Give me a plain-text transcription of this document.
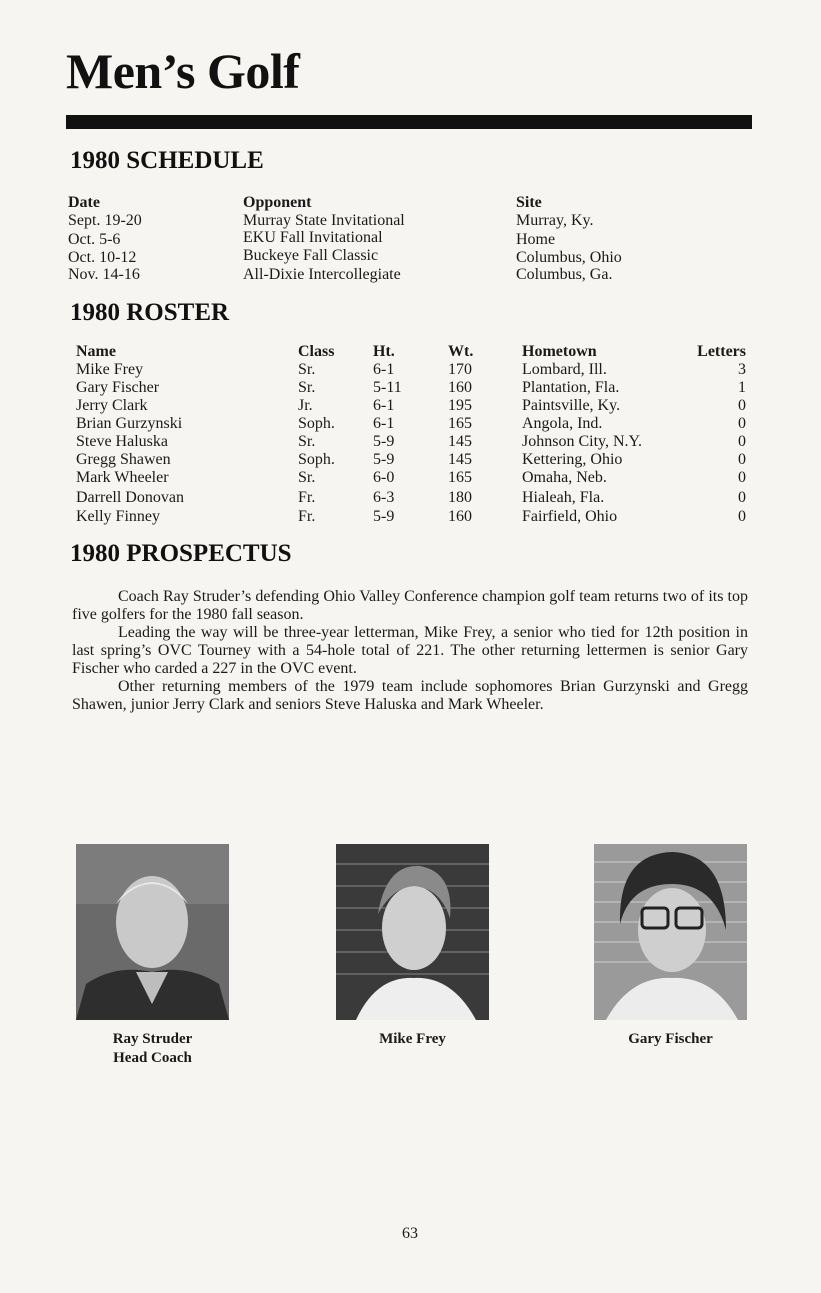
Men’s Golf
1980 SCHEDULE
Date	Opponent	Site
Sept. 19-20	Murray State Invitational	Murray, Ky.
Oct. 5-6	EKU Fall Invitational	Home
Oct. 10-12	Buckeye Fall Classic	Columbus, Ohio
Nov. 14-16	All-Dixie Intercollegiate	Columbus, Ga.
1980 ROSTER
Name	Class Ht.	Wt.	Hometown	Letters
Mike Frey	Sr.	6-1	170	Lombard, Ill.	3
Gary Fischer	Sr.	5-11	160	Plantation, Fla.	1
Jerry Clark	Jr.	6-1	195	Paintsville, Ky.	0
Brian Gurzynski	Soph. 6-1	165	Angola, Ind.	0
Steve Haluska	Sr.	5-9	145	Johnson City, N.Y.	0
Gregg Shawen	Soph. 5-9	145	Kettering, Ohio	0
Mark Wheeler	Sr.	6-0	165	Omaha, Neb.	0
Darrell Donovan	Fr.	6-3	180	Hialeah, Fla.	0
Kelly Finney	Fr.	5-9	160	Fairfield, Ohio	0
1980 PROSPECTUS

Coach Ray Struder’s defending Ohio Valley Conference champion golf team returns two of its top five golfers for the 1980 fall season.

Leading the way will be three-year letterman, Mike Frey, a senior who tied for 12th position in last spring’s OVC Tourney with a 54-hole total of 221. The other returning lettermen is senior Gary Fischer who carded a 227 in the OVC event.

Other returning members of the 1979 team include sophomores Brian Gurzynski and Gregg Shawen, junior Jerry Clark and seniors Steve Haluska and Mark Wheeler.

Ray Struder
Head Coach
Mike Frey	Gary Fischer
63
